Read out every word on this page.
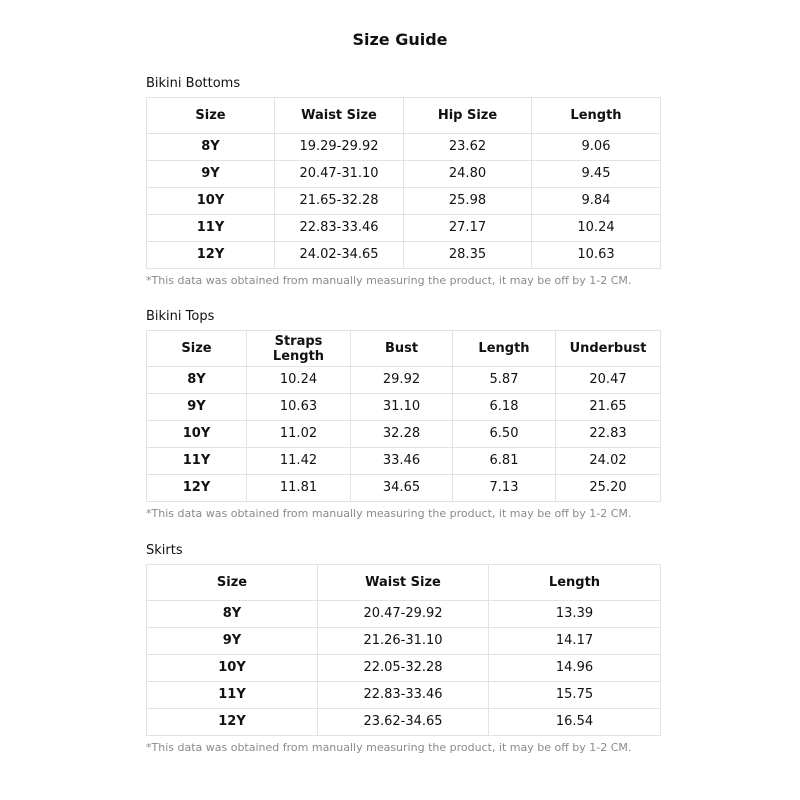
Size Guide
Bikini Bottoms
Size	Waist Size	Hip Size	Length
8Y	19.29-29.92	23.62	9.06
9Y	20.47-31.10	24.80	9.45
10Y	21.65-32.28	25.98	9.84
11Y	22.83-33.46	27.17	10.24
12Y	24.02-34.65	28.35	10.63
*This data was obtained from manually measuring the product, it may be off by 1-2 CM.
Bikini Tops
Size	Straps Length	Bust	Length	Underbust
8Y	10.24	29.92	5.87	20.47
9Y	10.63	31.10	6.18	21.65
10Y	11.02	32.28	6.50	22.83
11Y	11.42	33.46	6.81	24.02
12Y	11.81	34.65	7.13	25.20
*This data was obtained from manually measuring the product, it may be off by 1-2 CM.
Skirts
Size	Waist Size	Length
8Y	20.47-29.92	13.39
9Y	21.26-31.10	14.17
10Y	22.05-32.28	14.96
11Y	22.83-33.46	15.75
12Y	23.62-34.65	16.54
*This data was obtained from manually measuring the product, it may be off by 1-2 CM.
